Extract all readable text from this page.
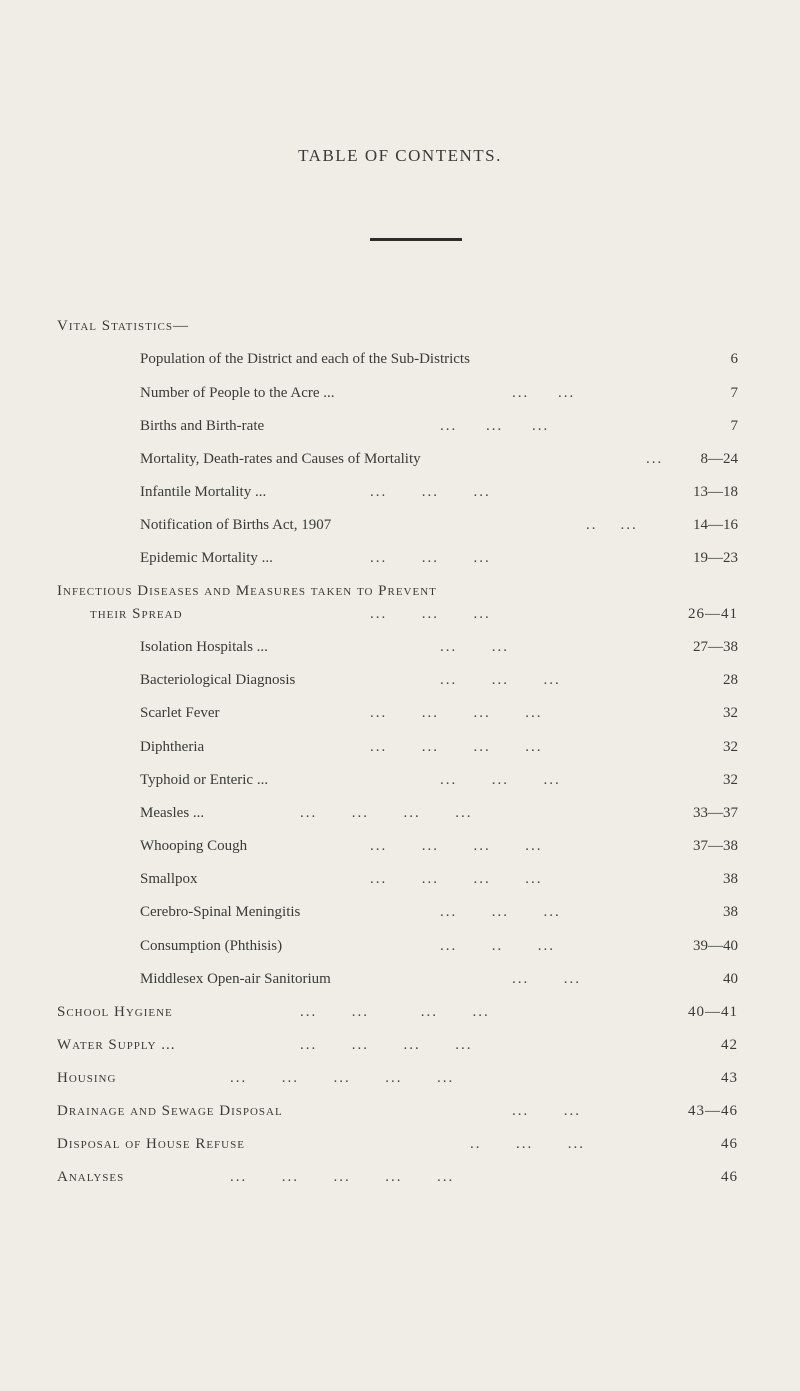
TABLE OF CONTENTS.
Vital Statistics—
Population of the District and each of the Sub-Districts	6
Number of People to the Acre ...	...     ...	7
Births and Birth-rate	...     ...     ...	7
Mortality, Death-rates and Causes of Mortality	... 8—24
Infantile Mortality ...	...      ...      ...	13—18
Notification of Births Act, 1907	..    ...	14—16
Epidemic Mortality ...	...      ...      ...	19—23
Infectious Diseases and Measures taken to Prevent
their Spread	...      ...      ...	26—41
Isolation Hospitals ...	...      ...	27—38
Bacteriological Diagnosis	...      ...      ...	28
Scarlet Fever	...      ...      ...      ...	32
Diphtheria	...      ...      ...      ...	32
Typhoid or Enteric ...	...      ...      ...	32
Measles ...	...      ...      ...      ...	33—37
Whooping Cough	...      ...      ...      ...	37—38
Smallpox	...      ...      ...      ...	38
Cerebro-Spinal Meningitis	...      ...      ...	38
Consumption (Phthisis)	...      ..      ...	39—40
Middlesex Open-air Sanitorium	...      ...	40
School Hygiene	...      ...         ...      ...	40—41
Water Supply ...	...      ...      ...      ...	42
Housing	...      ...      ...      ...      ...	43
Drainage and Sewage Disposal	...      ...	43—46
Disposal of House Refuse	..      ...      ...	46
Analyses	...      ...      ...      ...      ...	46
